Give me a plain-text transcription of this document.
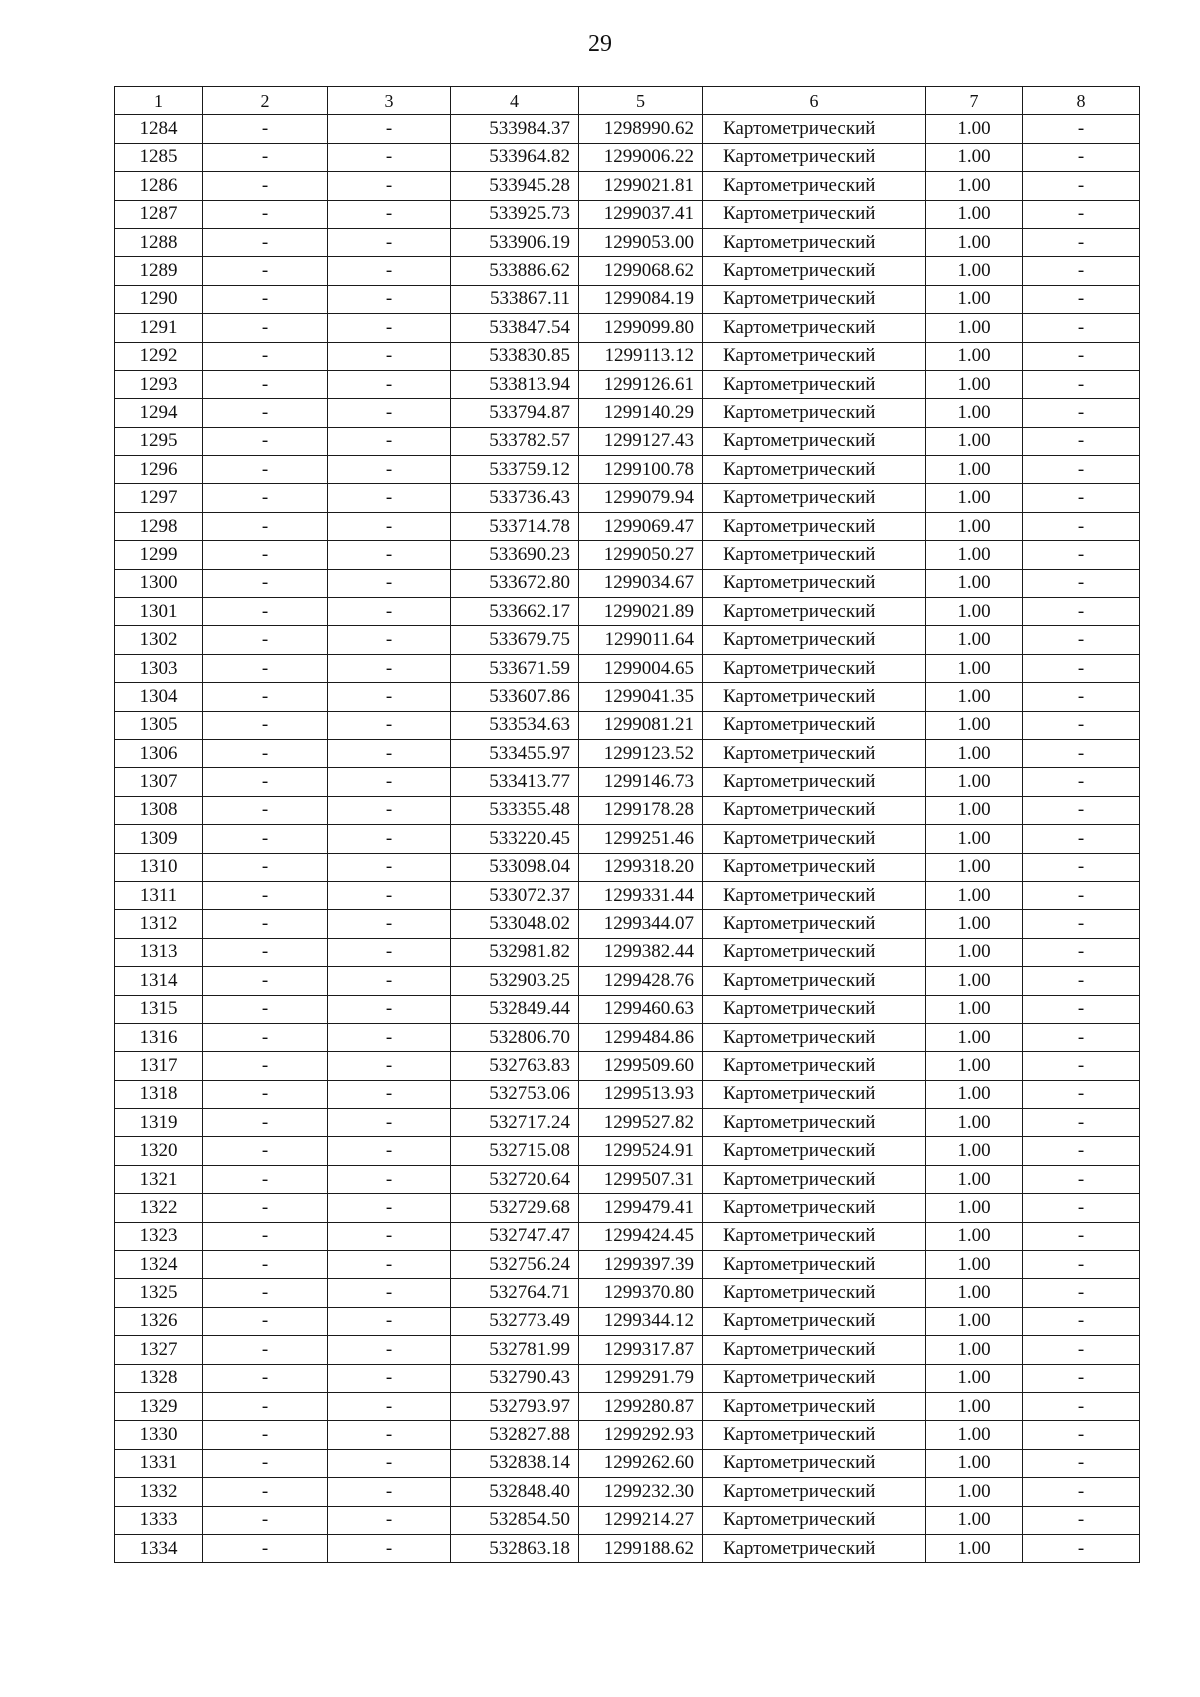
29
1	2	3	4	5	6	7	8
1284	-	-	533984.37	1298990.62	Картометрический	1.00	-
1285	-	-	533964.82	1299006.22	Картометрический	1.00	-
1286	-	-	533945.28	1299021.81	Картометрический	1.00	-
1287	-	-	533925.73	1299037.41	Картометрический	1.00	-
1288	-	-	533906.19	1299053.00	Картометрический	1.00	-
1289	-	-	533886.62	1299068.62	Картометрический	1.00	-
1290	-	-	533867.11	1299084.19	Картометрический	1.00	-
1291	-	-	533847.54	1299099.80	Картометрический	1.00	-
1292	-	-	533830.85	1299113.12	Картометрический	1.00	-
1293	-	-	533813.94	1299126.61	Картометрический	1.00	-
1294	-	-	533794.87	1299140.29	Картометрический	1.00	-
1295	-	-	533782.57	1299127.43	Картометрический	1.00	-
1296	-	-	533759.12	1299100.78	Картометрический	1.00	-
1297	-	-	533736.43	1299079.94	Картометрический	1.00	-
1298	-	-	533714.78	1299069.47	Картометрический	1.00	-
1299	-	-	533690.23	1299050.27	Картометрический	1.00	-
1300	-	-	533672.80	1299034.67	Картометрический	1.00	-
1301	-	-	533662.17	1299021.89	Картометрический	1.00	-
1302	-	-	533679.75	1299011.64	Картометрический	1.00	-
1303	-	-	533671.59	1299004.65	Картометрический	1.00	-
1304	-	-	533607.86	1299041.35	Картометрический	1.00	-
1305	-	-	533534.63	1299081.21	Картометрический	1.00	-
1306	-	-	533455.97	1299123.52	Картометрический	1.00	-
1307	-	-	533413.77	1299146.73	Картометрический	1.00	-
1308	-	-	533355.48	1299178.28	Картометрический	1.00	-
1309	-	-	533220.45	1299251.46	Картометрический	1.00	-
1310	-	-	533098.04	1299318.20	Картометрический	1.00	-
1311	-	-	533072.37	1299331.44	Картометрический	1.00	-
1312	-	-	533048.02	1299344.07	Картометрический	1.00	-
1313	-	-	532981.82	1299382.44	Картометрический	1.00	-
1314	-	-	532903.25	1299428.76	Картометрический	1.00	-
1315	-	-	532849.44	1299460.63	Картометрический	1.00	-
1316	-	-	532806.70	1299484.86	Картометрический	1.00	-
1317	-	-	532763.83	1299509.60	Картометрический	1.00	-
1318	-	-	532753.06	1299513.93	Картометрический	1.00	-
1319	-	-	532717.24	1299527.82	Картометрический	1.00	-
1320	-	-	532715.08	1299524.91	Картометрический	1.00	-
1321	-	-	532720.64	1299507.31	Картометрический	1.00	-
1322	-	-	532729.68	1299479.41	Картометрический	1.00	-
1323	-	-	532747.47	1299424.45	Картометрический	1.00	-
1324	-	-	532756.24	1299397.39	Картометрический	1.00	-
1325	-	-	532764.71	1299370.80	Картометрический	1.00	-
1326	-	-	532773.49	1299344.12	Картометрический	1.00	-
1327	-	-	532781.99	1299317.87	Картометрический	1.00	-
1328	-	-	532790.43	1299291.79	Картометрический	1.00	-
1329	-	-	532793.97	1299280.87	Картометрический	1.00	-
1330	-	-	532827.88	1299292.93	Картометрический	1.00	-
1331	-	-	532838.14	1299262.60	Картометрический	1.00	-
1332	-	-	532848.40	1299232.30	Картометрический	1.00	-
1333	-	-	532854.50	1299214.27	Картометрический	1.00	-
1334	-	-	532863.18	1299188.62	Картометрический	1.00	-
